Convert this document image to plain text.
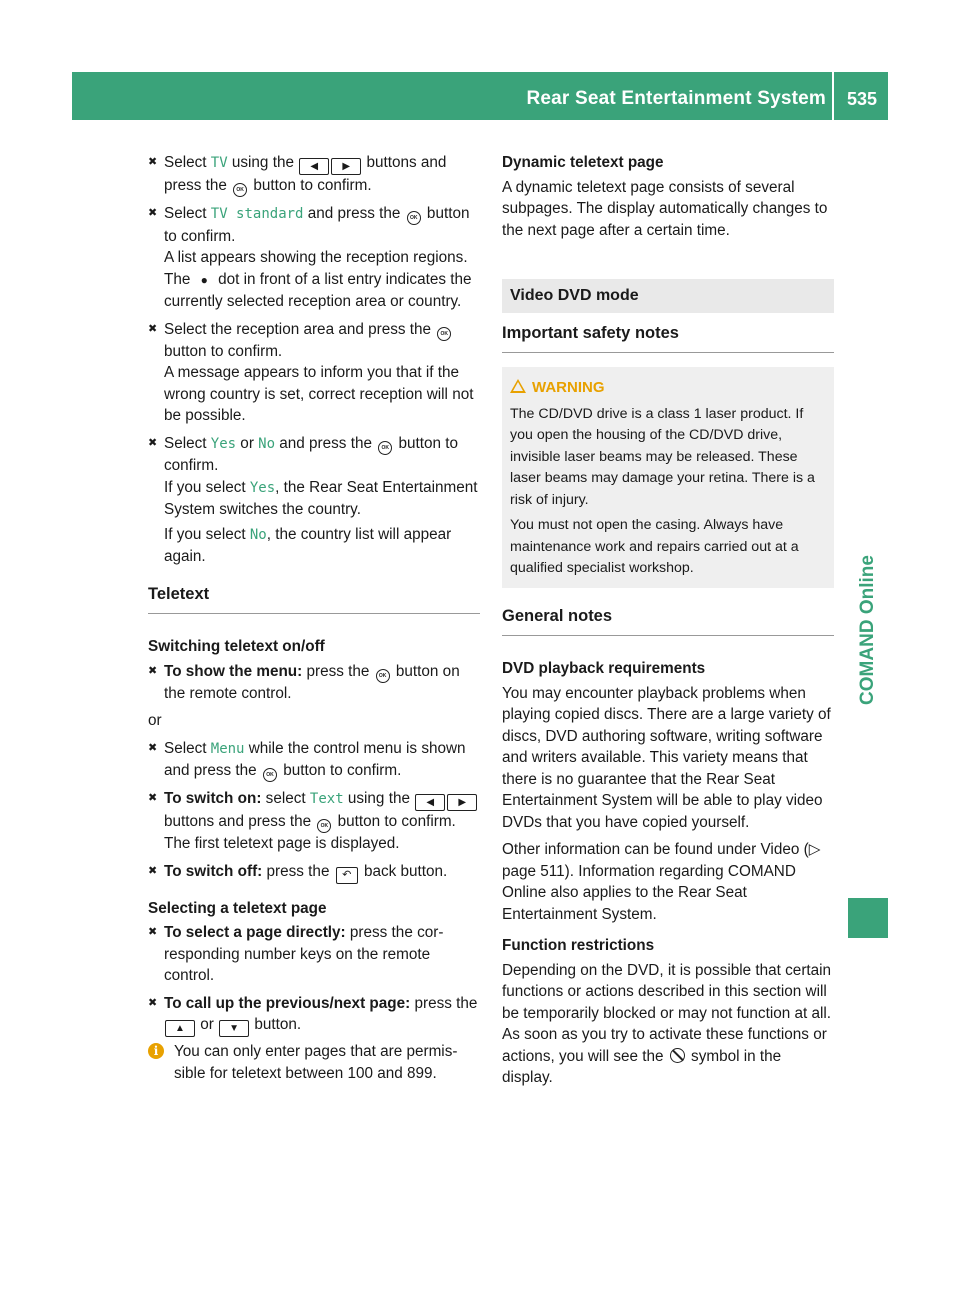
Rear Seat Entertainment System	535
COMAND Online
✖ Select TV using the ◀ ▶ buttons and press the OK button to confirm.
✖ Select TV standard and press the OK button to confirm.
A list appears showing the reception regions. The ● dot in front of a list entry indicates the currently selected reception area or country.
✖ Select the reception area and press the OK button to confirm.
A message appears to inform you that if the wrong country is set, correct reception will not be possible.
✖ Select Yes or No and press the OK button to confirm.
If you select Yes, the Rear Seat Entertainment System switches the country.
If you select No, the country list will appear again.
Teletext
Switching teletext on/off
✖ To show the menu: press the OK button on the remote control.
or
✖ Select Menu while the control menu is shown and press the OK button to confirm.
✖ To switch on: select Text using the ◀ ▶ buttons and press the OK button to confirm.
The first teletext page is displayed.
✖ To switch off: press the ↶ back button.
Selecting a teletext page
✖ To select a page directly: press the corresponding number keys on the remote control.
✖ To call up the previous/next page: press the ▲ or ▼ button.
i	You can only enter pages that are permissible for teletext between 100 and 899.
Dynamic teletext page
A dynamic teletext page consists of several subpages. The display automatically changes to the next page after a certain time.
Video DVD mode
Important safety notes
WARNING
The CD/DVD drive is a class 1 laser product. If you open the housing of the CD/DVD drive, invisible laser beams may be released. These laser beams may damage your retina. There is a risk of injury.
You must not open the casing. Always have maintenance work and repairs carried out at a qualified specialist workshop.
General notes
DVD playback requirements
You may encounter playback problems when playing copied discs. There are a large variety of discs, DVD authoring software, writing software and writers available. This variety means that there is no guarantee that the Rear Seat Entertainment System will be able to play video DVDs that you have copied yourself.
Other information can be found under Video (▷ page 511). Information regarding COMAND Online also applies to the Rear Seat Entertainment System.
Function restrictions
Depending on the DVD, it is possible that certain functions or actions described in this section will be temporarily blocked or may not function at all. As soon as you try to activate these functions or actions, you will see the  symbol in the display.
